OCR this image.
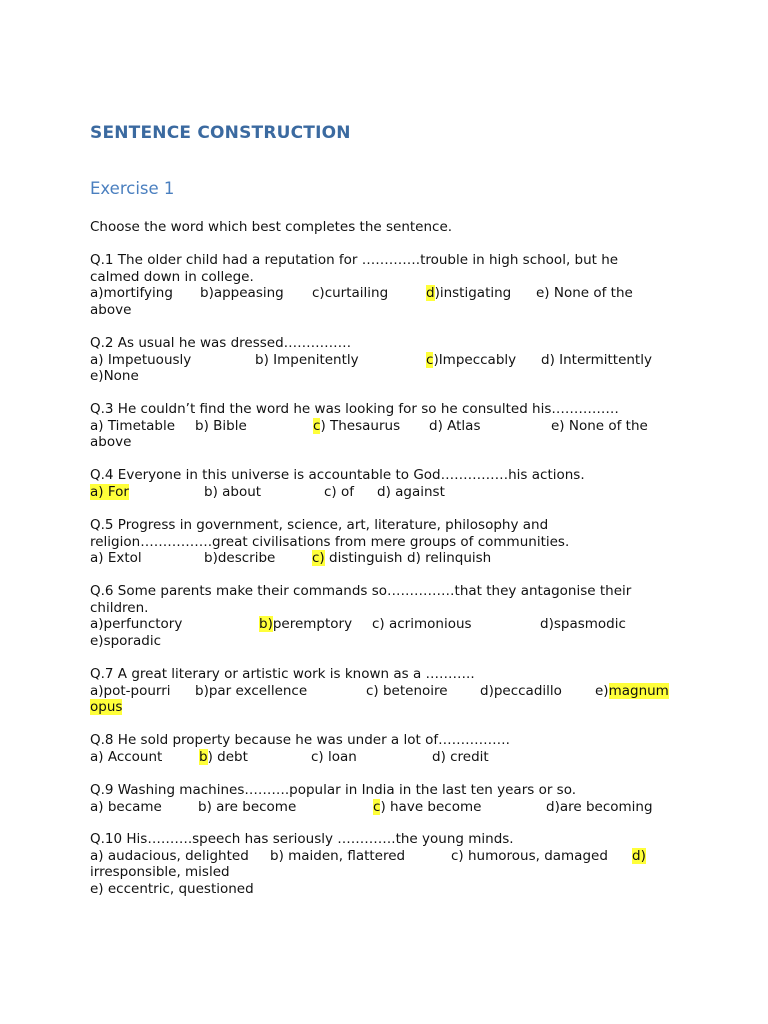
SENTENCE CONSTRUCTION
Exercise 1
Choose the word which best completes the sentence.
Q.1 The older child had a reputation for ………….trouble in high school, but he
calmed down in college.
a)mortifying b)appeasing c)curtailing	d)instigating e) None of the
above
Q.2 As usual he was dressed……………
a) Impetuously	b) Impenitently	c)Impeccably d) Intermittently
e)None
Q.3 He couldn’t find the word he was looking for so he consulted his……………
a) Timetable b) Bible	c) Thesaurus d) Atlas	e) None of the
above
Q.4 Everyone in this universe is accountable to God……………his actions.
a) For	b) about	c) of d) against
Q.5 Progress in government, science, art, literature, philosophy and
religion…………….great civilisations from mere groups of communities.
a) Extol	b)describe	c) distinguish d) relinquish
Q.6 Some parents make their commands so……………that they antagonise their
children.
a)perfunctory	b)peremptory c) acrimonious	d)spasmodic
e)sporadic
Q.7 A great literary or artistic work is known as a ………..
a)pot-pourri b)par excellence	c) betenoire d)peccadillo e)magnum
opus
Q.8 He sold property because he was under a lot of…………….
a) Account	b) debt	c) loan	d) credit
Q.9 Washing machines……….popular in India in the last ten years or so.
a) became	b) are become	c) have become	d)are becoming
Q.10 His……….speech has seriously ………….the young minds.
a) audacious, delighted b) maiden, flattered	c) humorous, damaged d)
irresponsible, misled
e) eccentric, questioned
